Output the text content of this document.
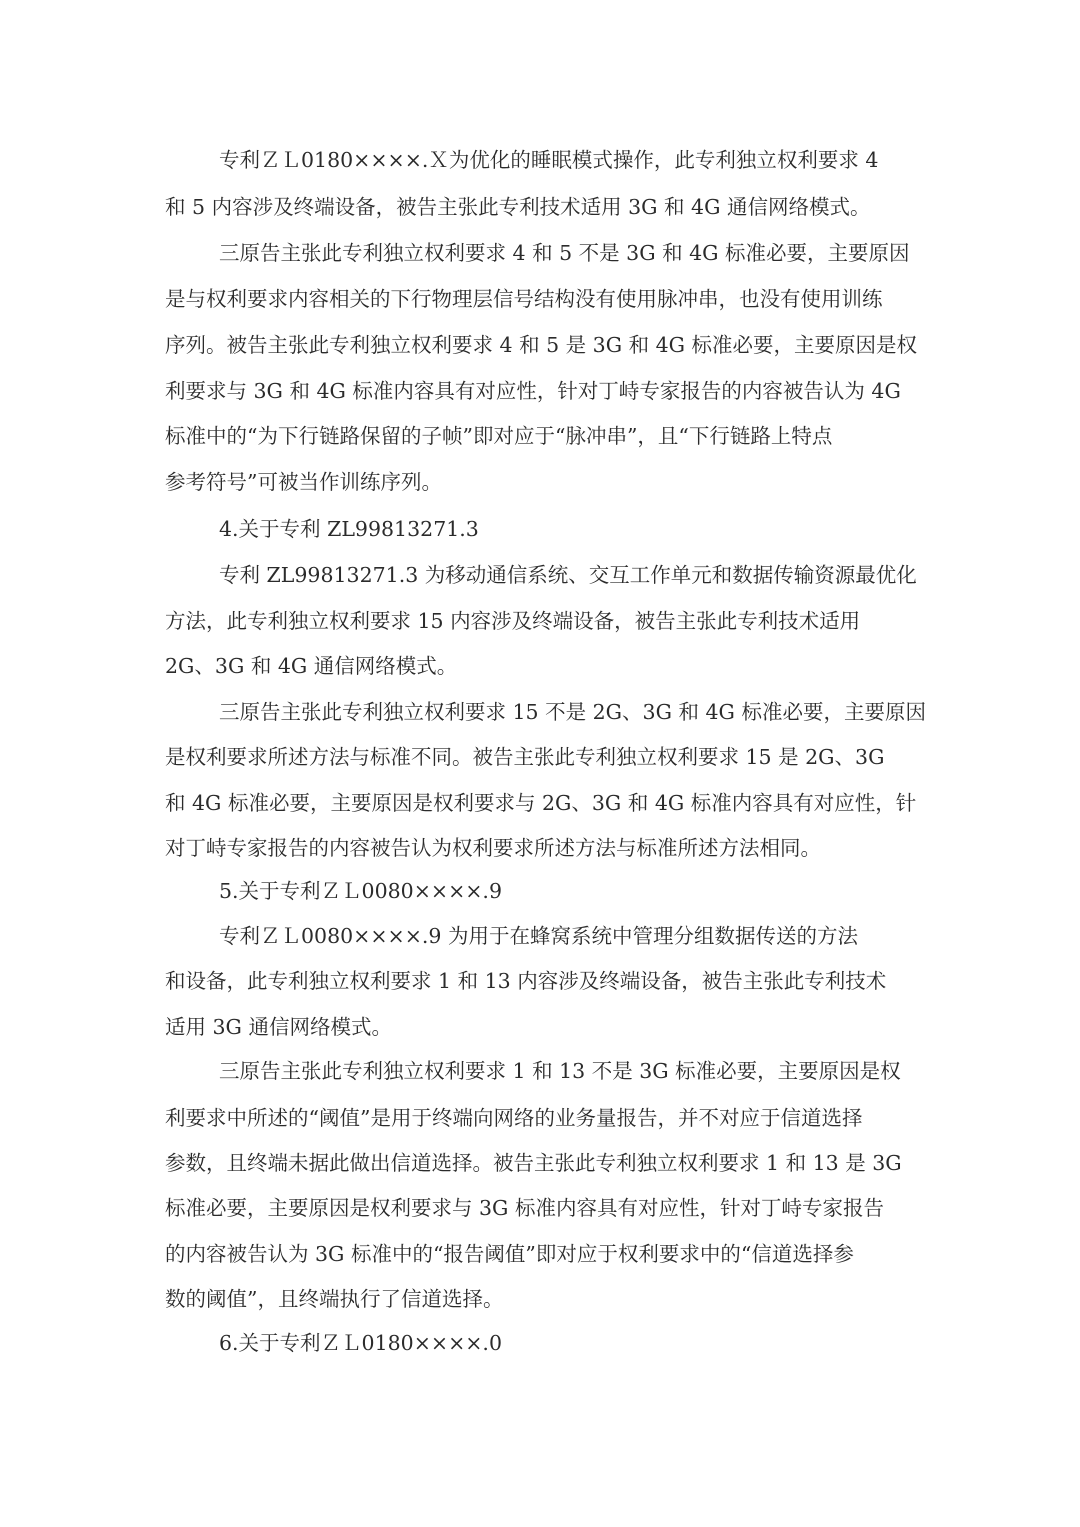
专利ＺＬ0180××××.Ｘ为优化的睡眠模式操作，此专利独立权利要求 4
和 5 内容涉及终端设备，被告主张此专利技术适用 3G 和 4G 通信网络模式。
三原告主张此专利独立权利要求 4 和 5 不是 3G 和 4G 标准必要，主要原因
是与权利要求内容相关的下行物理层信号结构没有使用脉冲串，也没有使用训练
序列。被告主张此专利独立权利要求 4 和 5 是 3G 和 4G 标准必要，主要原因是权
利要求与 3G 和 4G 标准内容具有对应性，针对丁峙专家报告的内容被告认为 4G
标准中的“为下行链路保留的子帧”即对应于“脉冲串”，且“下行链路上特点
参考符号”可被当作训练序列。
4.关于专利 ZL99813271.3
专利 ZL99813271.3 为移动通信系统、交互工作单元和数据传输资源最优化
方法，此专利独立权利要求 15 内容涉及终端设备，被告主张此专利技术适用
2G、3G 和 4G 通信网络模式。
三原告主张此专利独立权利要求 15 不是 2G、3G 和 4G 标准必要，主要原因
是权利要求所述方法与标准不同。被告主张此专利独立权利要求 15 是 2G、3G
和 4G 标准必要，主要原因是权利要求与 2G、3G 和 4G 标准内容具有对应性，针
对丁峙专家报告的内容被告认为权利要求所述方法与标准所述方法相同。
5.关于专利ＺＬ0080××××.9
专利ＺＬ0080××××.9 为用于在蜂窝系统中管理分组数据传送的方法
和设备，此专利独立权利要求 1 和 13 内容涉及终端设备，被告主张此专利技术
适用 3G 通信网络模式。
三原告主张此专利独立权利要求 1 和 13 不是 3G 标准必要，主要原因是权
利要求中所述的“阈值”是用于终端向网络的业务量报告，并不对应于信道选择
参数，且终端未据此做出信道选择。被告主张此专利独立权利要求 1 和 13 是 3G
标准必要，主要原因是权利要求与 3G 标准内容具有对应性，针对丁峙专家报告
的内容被告认为 3G 标准中的“报告阈值”即对应于权利要求中的“信道选择参
数的阈值”，且终端执行了信道选择。
6.关于专利ＺＬ0180××××.0
